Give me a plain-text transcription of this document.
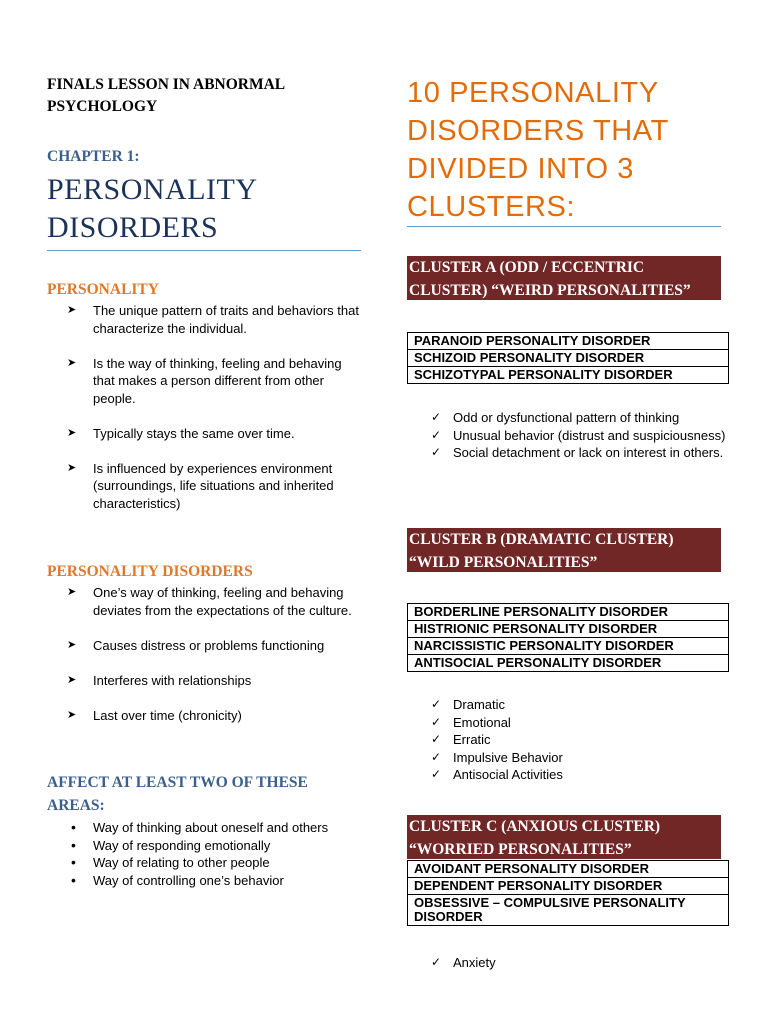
FINALS LESSON IN ABNORMAL
PSYCHOLOGY
CHAPTER 1:
PERSONALITY
DISORDERS
PERSONALITY
➤ The unique pattern of traits and behaviors that characterize the individual.
➤ Is the way of thinking, feeling and behaving that makes a person different from other people.
➤ Typically stays the same over time.
➤ Is influenced by experiences environment (surroundings, life situations and inherited characteristics)
PERSONALITY DISORDERS
➤ One’s way of thinking, feeling and behaving deviates from the expectations of the culture.
➤ Causes distress or problems functioning
➤ Interferes with relationships
➤ Last over time (chronicity)
AFFECT AT LEAST TWO OF THESE AREAS:
• Way of thinking about oneself and others
• Way of responding emotionally
• Way of relating to other people
• Way of controlling one’s behavior
10 PERSONALITY
DISORDERS THAT
DIVIDED INTO 3
CLUSTERS:
CLUSTER A (ODD / ECCENTRIC
CLUSTER) “WEIRD PERSONALITIES”
PARANOID PERSONALITY DISORDER
SCHIZOID PERSONALITY DISORDER
SCHIZOTYPAL PERSONALITY DISORDER
✓ Odd or dysfunctional pattern of thinking
✓ Unusual behavior (distrust and suspiciousness)
✓ Social detachment or lack on interest in others.
CLUSTER B (DRAMATIC CLUSTER)
“WILD PERSONALITIES”
BORDERLINE PERSONALITY DISORDER
HISTRIONIC PERSONALITY DISORDER
NARCISSISTIC PERSONALITY DISORDER
ANTISOCIAL PERSONALITY DISORDER
✓ Dramatic
✓ Emotional
✓ Erratic
✓ Impulsive Behavior
✓ Antisocial Activities
CLUSTER C (ANXIOUS CLUSTER)
“WORRIED PERSONALITIES”
AVOIDANT PERSONALITY DISORDER
DEPENDENT PERSONALITY DISORDER
OBSESSIVE – COMPULSIVE PERSONALITY DISORDER
✓ Anxiety
